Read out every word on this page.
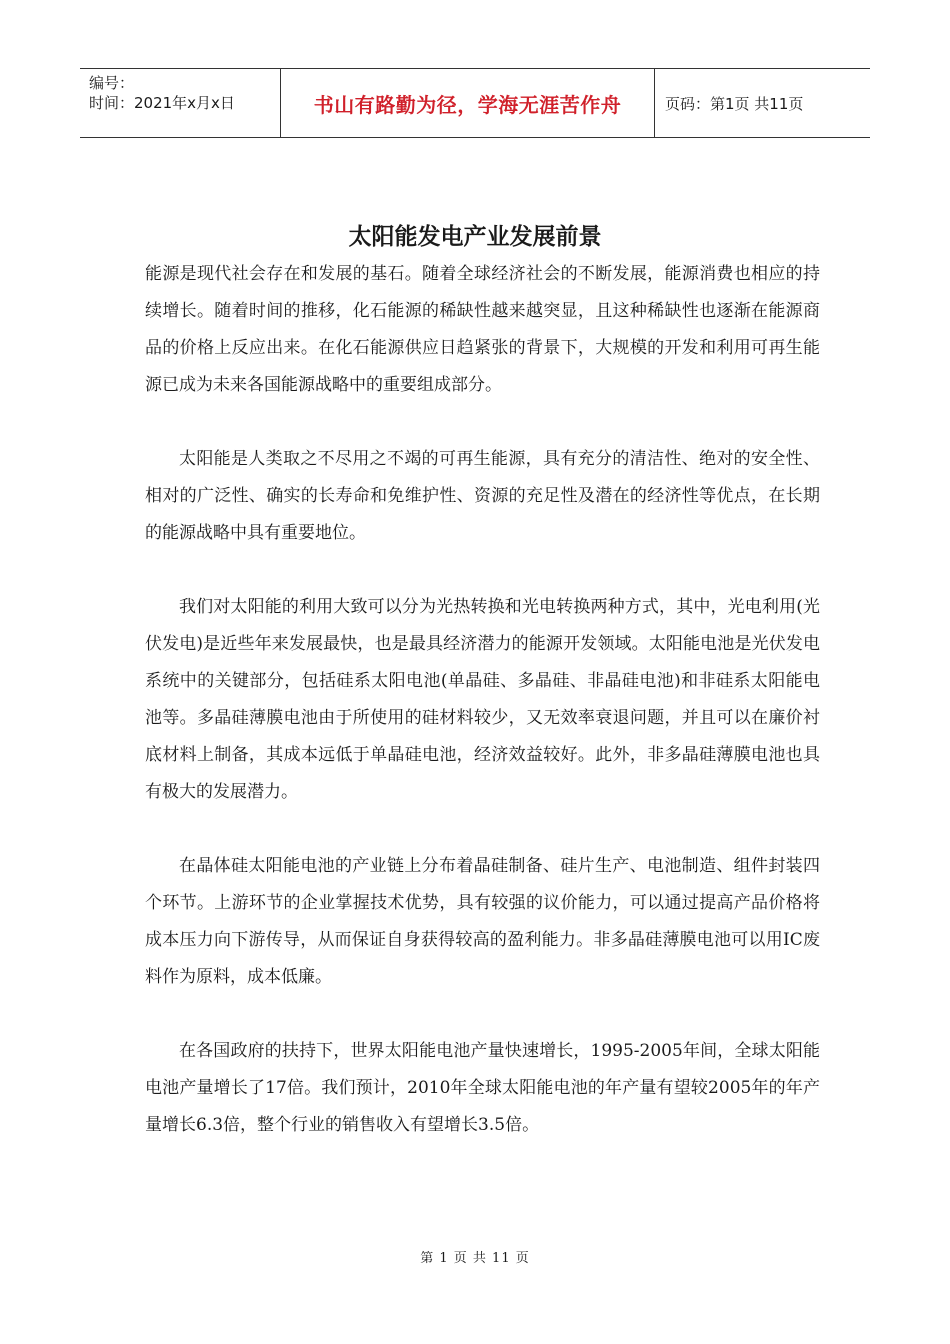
编号：
时间：2021年x月x日	书山有路勤为径，学海无涯苦作舟	页码：第1页 共11页
太阳能发电产业发展前景

能源是现代社会存在和发展的基石。随着全球经济社会的不断发展，能源消费也相应的持续增长。随着时间的推移，化石能源的稀缺性越来越突显，且这种稀缺性也逐渐在能源商品的价格上反应出来。在化石能源供应日趋紧张的背景下，大规模的开发和利用可再生能源已成为未来各国能源战略中的重要组成部分。

太阳能是人类取之不尽用之不竭的可再生能源，具有充分的清洁性、绝对的安全性、相对的广泛性、确实的长寿命和免维护性、资源的充足性及潜在的经济性等优点，在长期的能源战略中具有重要地位。

我们对太阳能的利用大致可以分为光热转换和光电转换两种方式，其中，光电利用(光伏发电)是近些年来发展最快，也是最具经济潜力的能源开发领域。太阳能电池是光伏发电系统中的关键部分，包括硅系太阳电池(单晶硅、多晶硅、非晶硅电池)和非硅系太阳能电池等。多晶硅薄膜电池由于所使用的硅材料较少，又无效率衰退问题，并且可以在廉价衬底材料上制备，其成本远低于单晶硅电池，经济效益较好。此外，非多晶硅薄膜电池也具有极大的发展潜力。

在晶体硅太阳能电池的产业链上分布着晶硅制备、硅片生产、电池制造、组件封装四个环节。上游环节的企业掌握技术优势，具有较强的议价能力，可以通过提高产品价格将成本压力向下游传导，从而保证自身获得较高的盈利能力。非多晶硅薄膜电池可以用IC废料作为原料，成本低廉。

在各国政府的扶持下，世界太阳能电池产量快速增长，1995-2005年间，全球太阳能电池产量增长了17倍。我们预计，2010年全球太阳能电池的年产量有望较2005年的年产量增长6.3倍，整个行业的销售收入有望增长3.5倍。

第 1 页 共 11 页
